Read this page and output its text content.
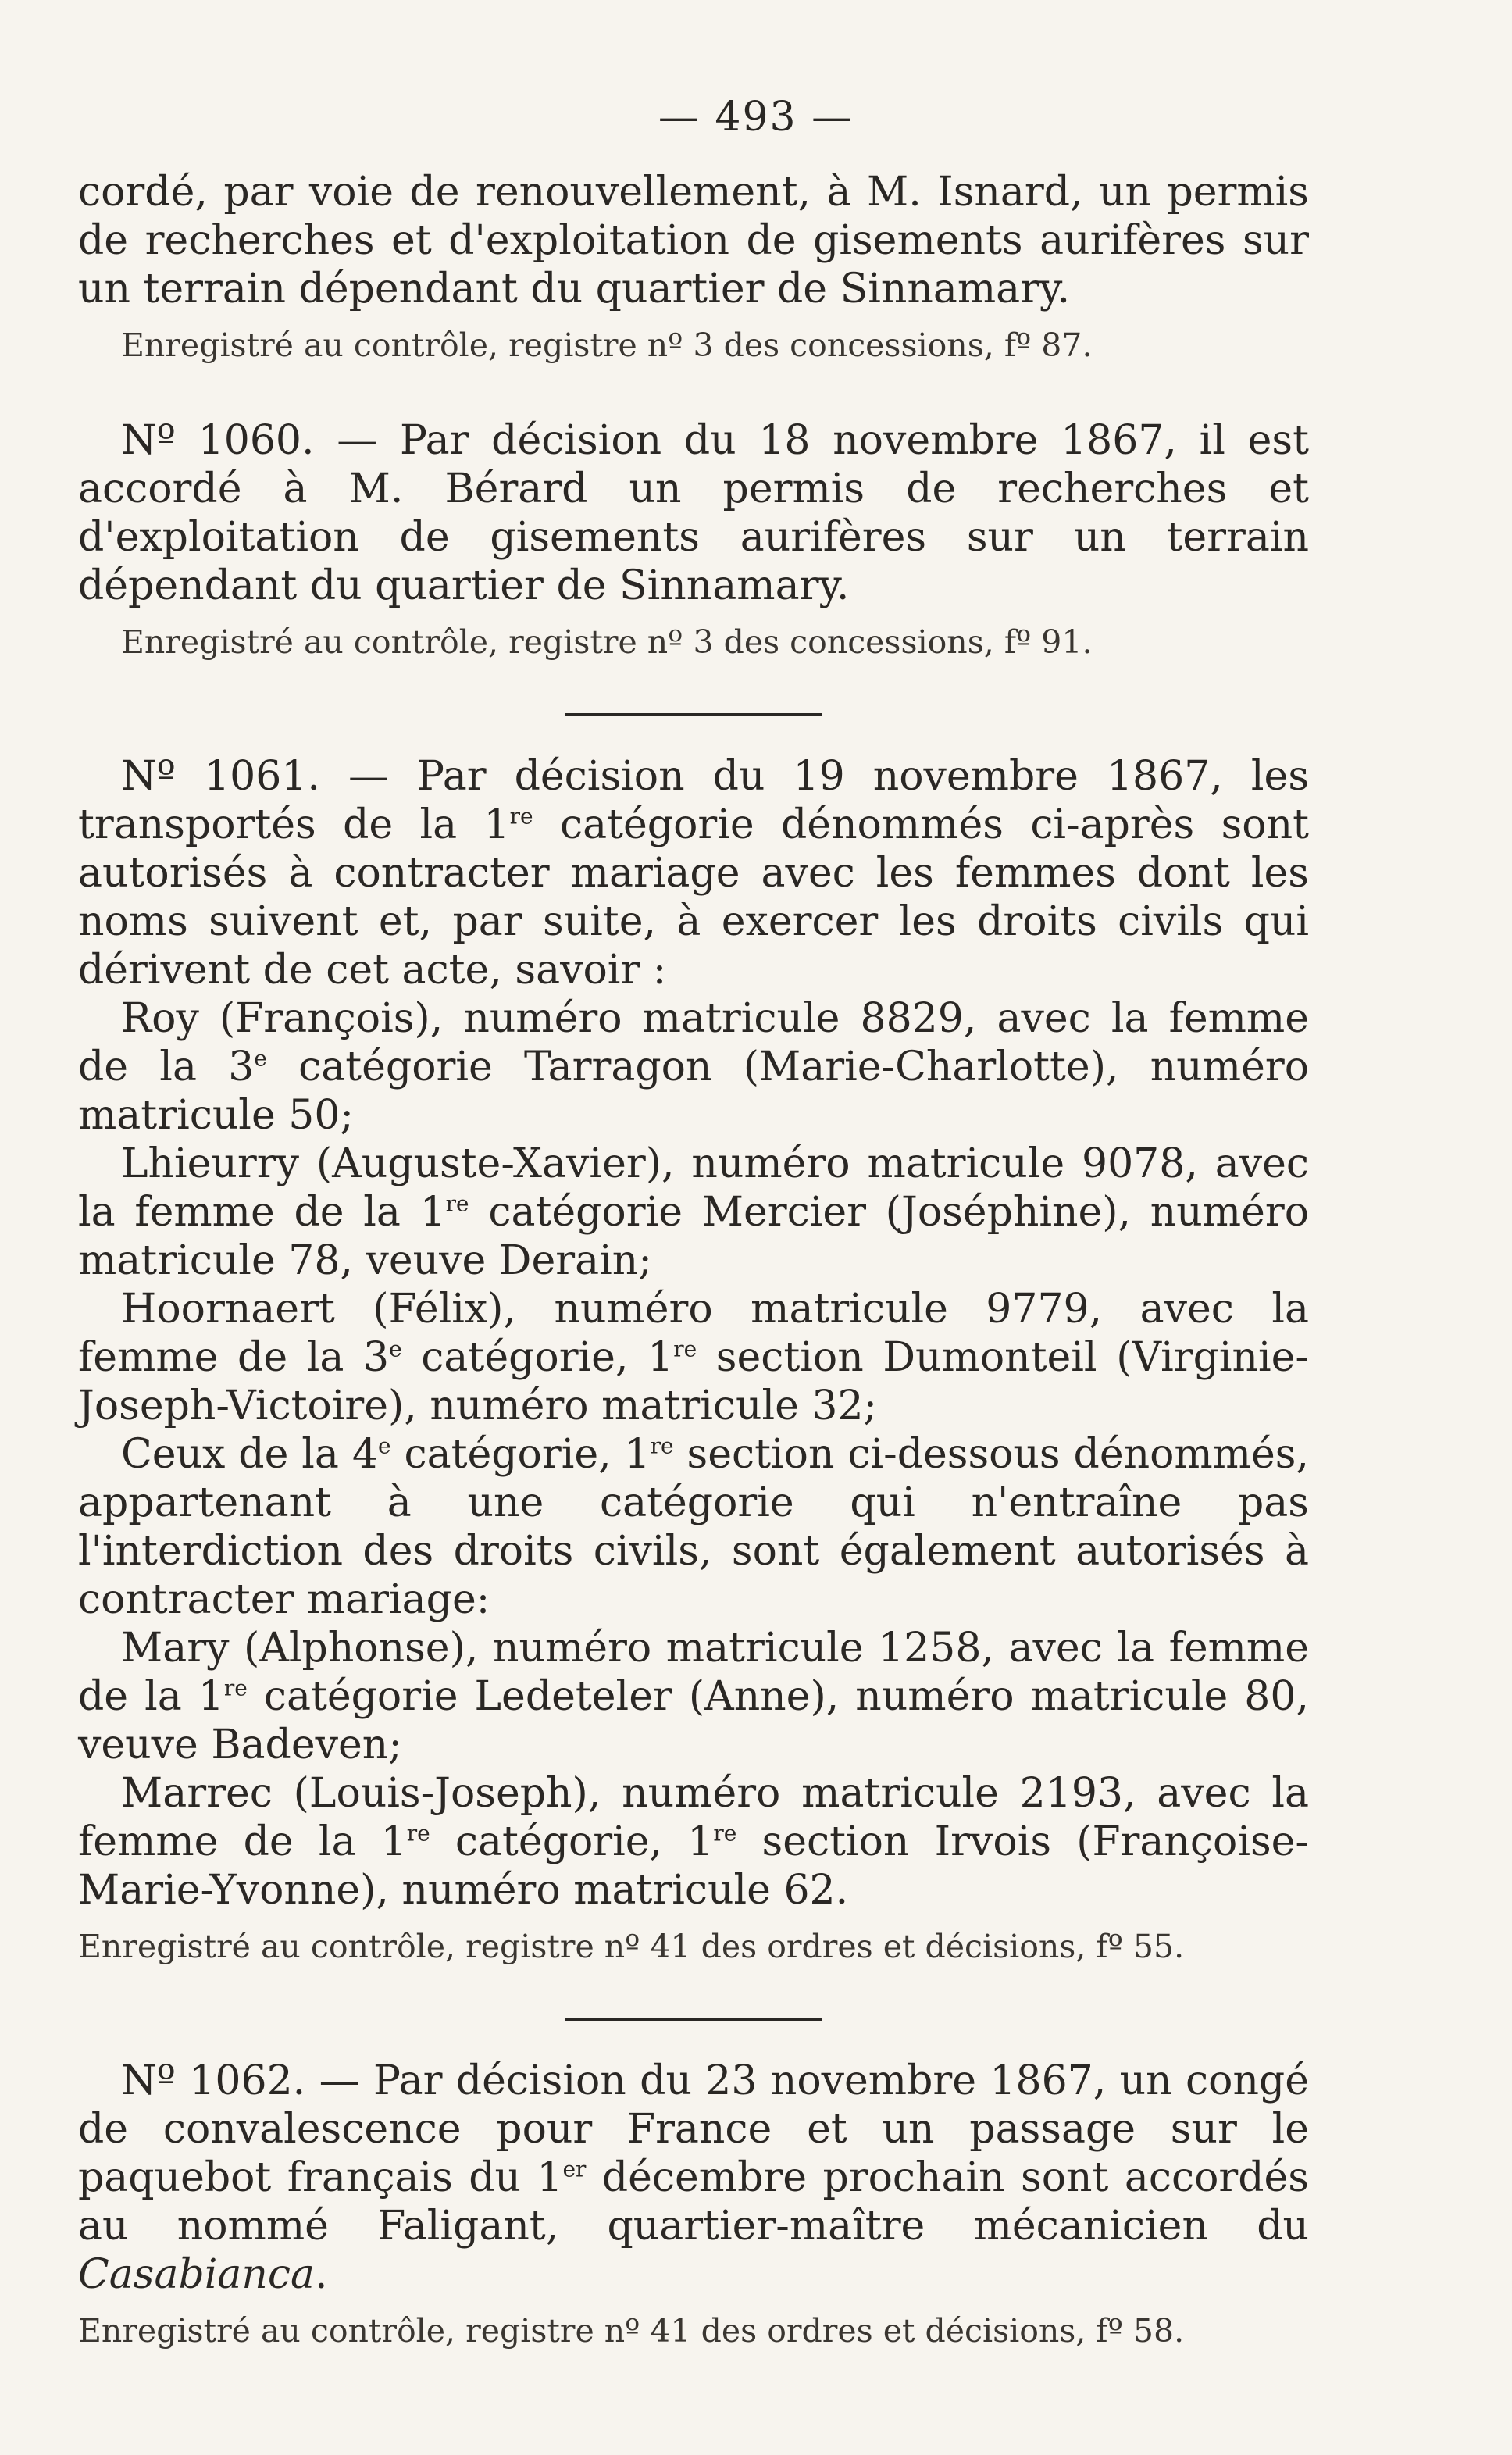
— 493 —

cordé, par voie de renouvellement, à M. Isnard, un permis de recherches et d'exploitation de gisements aurifères sur un terrain dépendant du quartier de Sinnamary.

Enregistré au contrôle, registre nº 3 des concessions, fº 87.

Nº 1060. — Par décision du 18 novembre 1867, il est accordé à M. Bérard un permis de recherches et d'exploitation de gisements aurifères sur un terrain dépendant du quartier de Sinnamary.

Enregistré au contrôle, registre nº 3 des concessions, fº 91.

Nº 1061. — Par décision du 19 novembre 1867, les transportés de la 1re catégorie dénommés ci-après sont autorisés à contracter mariage avec les femmes dont les noms suivent et, par suite, à exercer les droits civils qui dérivent de cet acte, savoir :

Roy (François), numéro matricule 8829, avec la femme de la 3e catégorie Tarragon (Marie-Charlotte), numéro matricule 50;

Lhieurry (Auguste-Xavier), numéro matricule 9078, avec la femme de la 1re catégorie Mercier (Joséphine), numéro matricule 78, veuve Derain;

Hoornaert (Félix), numéro matricule 9779, avec la femme de la 3e catégorie, 1re section Dumonteil (Virginie-Joseph-Victoire), numéro matricule 32;

Ceux de la 4e catégorie, 1re section ci-dessous dénommés, appartenant à une catégorie qui n'entraîne pas l'interdiction des droits civils, sont également autorisés à contracter mariage:

Mary (Alphonse), numéro matricule 1258, avec la femme de la 1re catégorie Ledeteler (Anne), numéro matricule 80, veuve Badeven;

Marrec (Louis-Joseph), numéro matricule 2193, avec la femme de la 1re catégorie, 1re section Irvois (Françoise-Marie-Yvonne), numéro matricule 62.

Enregistré au contrôle, registre nº 41 des ordres et décisions, fº 55.

Nº 1062. — Par décision du 23 novembre 1867, un congé de convalescence pour France et un passage sur le paquebot français du 1er décembre prochain sont accordés au nommé Faligant, quartier-maître mécanicien du Casabianca.

Enregistré au contrôle, registre nº 41 des ordres et décisions, fº 58.
